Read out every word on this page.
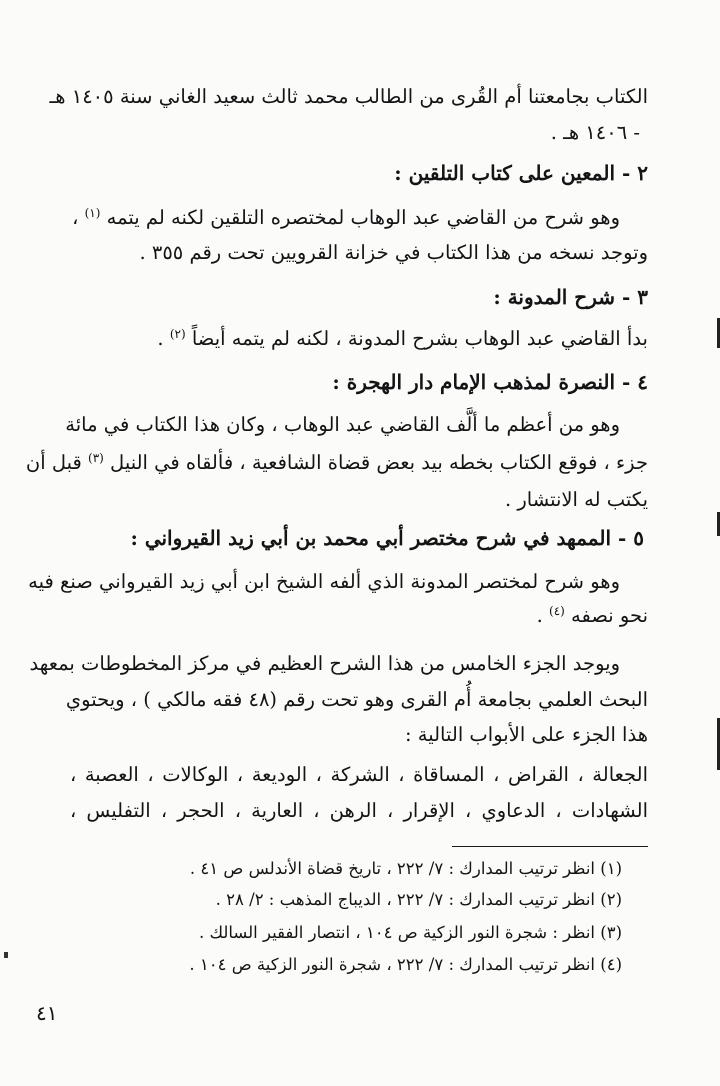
الكتاب بجامعتنا أم القُرى من الطالب محمد ثالث سعيد الغاني سنة ١٤٠٥ هـ
- ١٤٠٦ هـ .
٢ - المعين على كتاب التلقين :
وهو شرح من القاضي عبد الوهاب لمختصره التلقين لكنه لم يتمه $^{(١)}$ ،
وتوجد نسخه من هذا الكتاب في خزانة القرويين تحت رقم ٣٥٥ .
٣ - شرح المدونة :
بدأ القاضي عبد الوهاب بشرح المدونة ، لكنه لم يتمه أيضاً $^{(٢)}$ .
٤ - النصرة لمذهب الإمام دار الهجرة :
وهو من أعظم ما ألَّف القاضي عبد الوهاب ، وكان هذا الكتاب في مائة
جزء ، فوقع الكتاب بخطه بيد بعض قضاة الشافعية ، فألقاه في النيل $^{(٣)}$ قبل أن
يكتب له الانتشار .
٥ - الممهد في شرح مختصر أبي محمد بن أبي زيد القيرواني :
وهو شرح لمختصر المدونة الذي ألفه الشيخ ابن أبي زيد القيرواني صنع فيه
نحو نصفه $^{(٤)}$ .
ويوجد الجزء الخامس من هذا الشرح العظيم في مركز المخطوطات بمعهد
البحث العلمي بجامعة أُم القرى وهو تحت رقم (٤٨ فقه مالكي ) ، ويحتوي
هذا الجزء على الأبواب التالية :
الجعالة ، القراض ، المساقاة ، الشركة ، الوديعة ، الوكالات ، العصبة ،
الشهادات ، الدعاوي ، الإقرار ، الرهن ، العارية ، الحجر ، التفليس ،
(١) انظر ترتيب المدارك : ٧/ ٢٢٢ ، تاريخ قضاة الأندلس ص ٤١ .
(٢) انظر ترتيب المدارك : ٧/ ٢٢٢ ، الديباج المذهب : ٢/ ٢٨ .
(٣) انظر : شجرة النور الزكية ص ١٠٤ ، انتصار الفقير السالك .
(٤) انظر ترتيب المدارك : ٧/ ٢٢٢ ، شجرة النور الزكية ص ١٠٤ .
٤١
